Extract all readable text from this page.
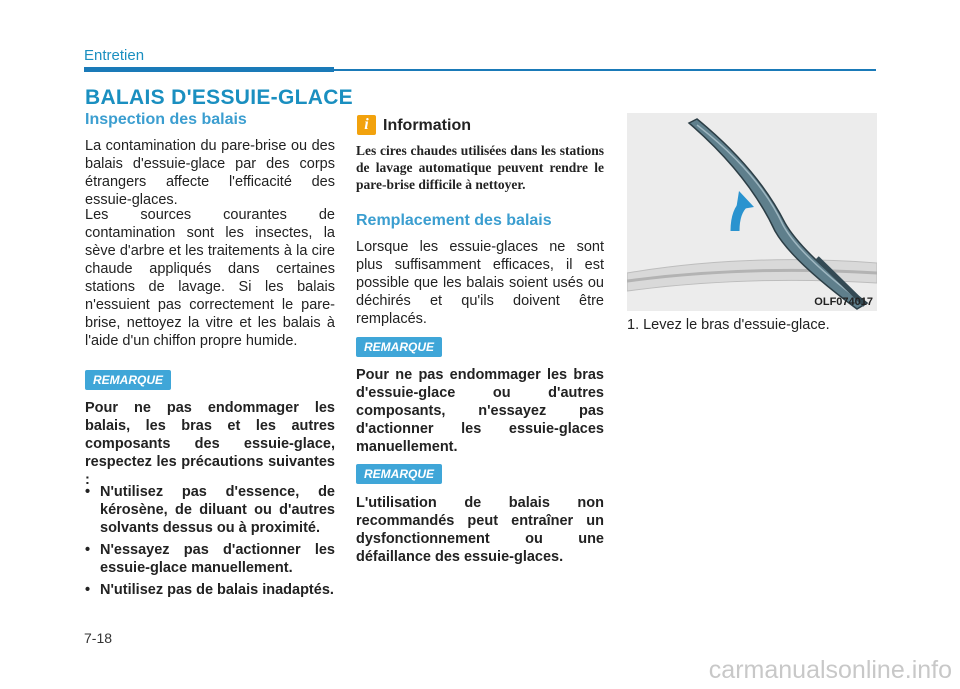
Entretien
BALAIS D'ESSUIE-GLACE
Inspection des balais
La contamination du pare-brise ou des balais d'essuie-glace par des corps étrangers affecte l'efficacité des essuie-glaces.
Les sources courantes de contamination sont les insectes, la sève d'arbre et les traitements à la cire chaude appliqués dans certaines stations de lavage. Si les balais n'essuient pas correctement le pare-brise, nettoyez la vitre et les balais à l'aide d'un chiffon propre humide.
REMARQUE
Pour ne pas endommager les balais, les bras et les autres composants des essuie-glace, respectez les précautions suivantes :
• N'utilisez pas d'essence, de kérosène, de diluant ou d'autres solvants dessus ou à proximité.
• N'essayez pas d'actionner les essuie-glace manuellement.
• N'utilisez pas de balais inadaptés.
i Information
Les cires chaudes utilisées dans les stations de lavage automatique peuvent rendre le pare-brise difficile à nettoyer.
Remplacement des balais
Lorsque les essuie-glaces ne sont plus suffisamment efficaces, il est possible que les balais soient usés ou déchirés et qu'ils doivent être remplacés.
REMARQUE
Pour ne pas endommager les bras d'essuie-glace ou d'autres composants, n'essayez pas d'actionner les essuie-glaces manuellement.
REMARQUE
L'utilisation de balais non recommandés peut entraîner un dysfonctionnement ou une défaillance des essuie-glaces.
OLF074017
1. Levez le bras d'essuie-glace.
7-18
carmanualsonline.info
